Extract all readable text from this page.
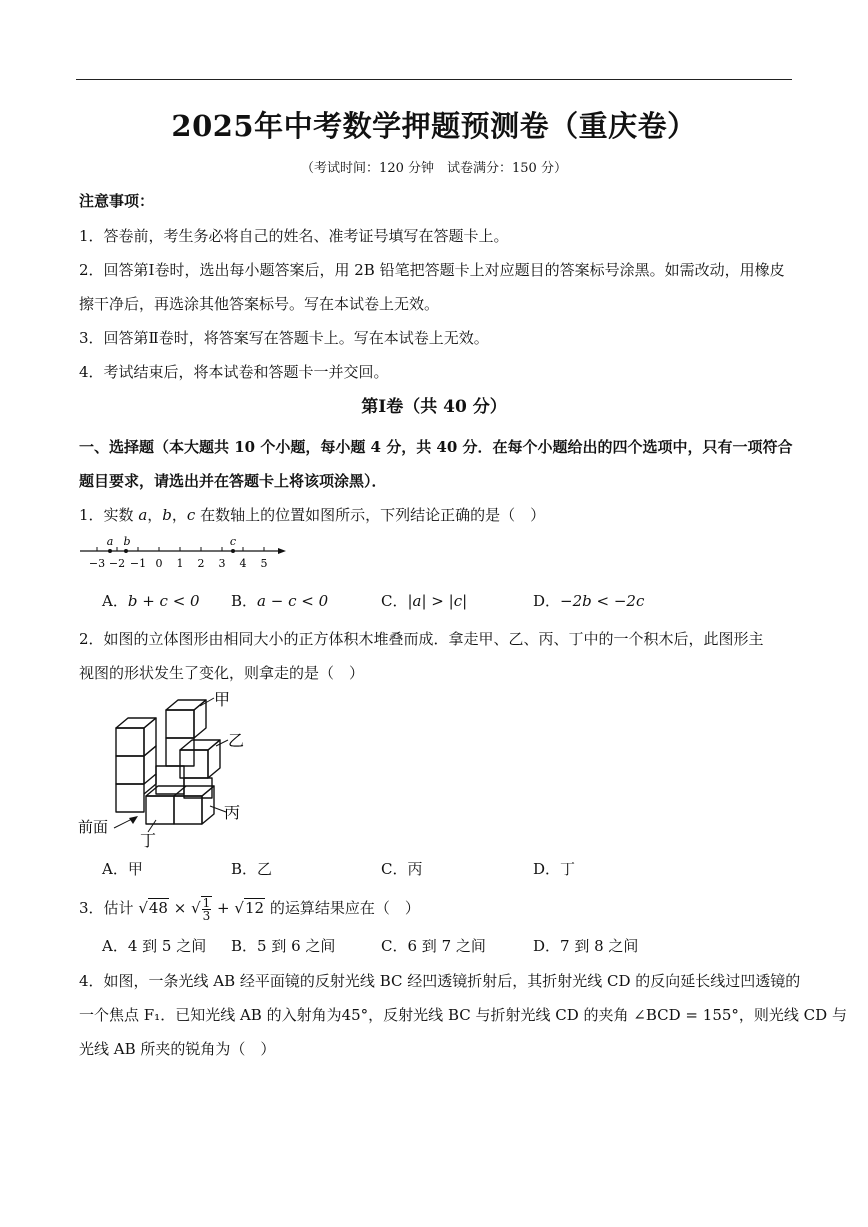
2025年中考数学押题预测卷（重庆卷）
（考试时间：120 分钟　试卷满分：150 分）
注意事项：
1．答卷前，考生务必将自己的姓名、准考证号填写在答题卡上。
2．回答第Ⅰ卷时，选出每小题答案后，用 2B 铅笔把答题卡上对应题目的答案标号涂黑。如需改动，用橡皮
擦干净后，再选涂其他答案标号。写在本试卷上无效。
3．回答第Ⅱ卷时，将答案写在答题卡上。写在本试卷上无效。
4．考试结束后，将本试卷和答题卡一并交回。
第Ⅰ卷（共 40 分）
一、选择题（本大题共 10 个小题，每小题 4 分，共 40 分．在每个小题给出的四个选项中，只有一项符合
题目要求，请选出并在答题卡上将该项涂黑）．
1．实数 a，b，c 在数轴上的位置如图所示，下列结论正确的是（　）
a b	c
−3 −2 −1 0 1 2 3 4 5
A．b + c < 0 B．a − c < 0	C．|a| > |c|	D．−2b < −2c
2．如图的立体图形由相同大小的正方体积木堆叠而成．拿走甲、乙、丙、丁中的一个积木后，此图形主
视图的形状发生了变化，则拿走的是（　）
甲
乙
丙
丁
前面
A．甲	B．乙	C．丙	D．丁
3．估计 √48 × √ $\frac{1}{3} + √12$ 的运算结果应在（　）
A．4 到 5 之间 B．5 到 6 之间	C．6 到 7 之间	D．7 到 8 之间
4．如图，一条光线 AB 经平面镜的反射光线 BC 经凹透镜折射后，其折射光线 CD 的反向延长线过凹透镜的
一个焦点 F₁．已知光线 AB 的入射角为45°，反射光线 BC 与折射光线 CD 的夹角 ∠BCD = 155°，则光线 CD 与
光线 AB 所夹的锐角为（　）
